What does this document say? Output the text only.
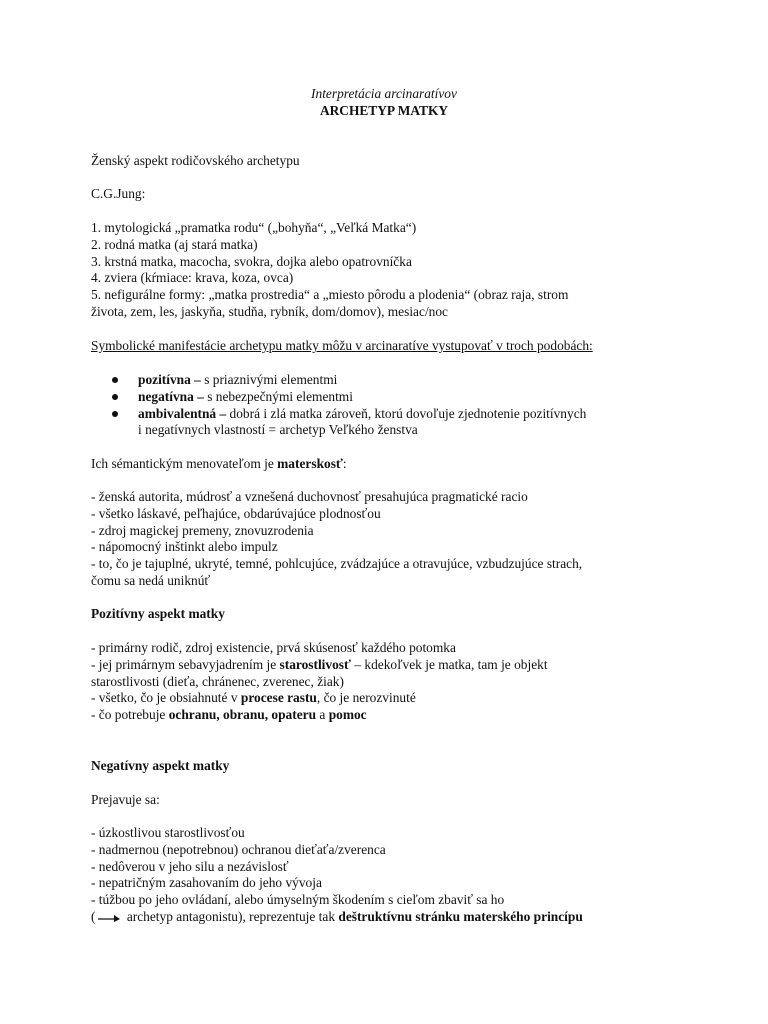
Interpretácia arcinaratívov
ARCHETYP MATKY
Ženský aspekt rodičovského archetypu
C.G.Jung:
1. mytologická „pramatka rodu“ („bohyňa“, „Veľká Matka“)
2. rodná matka (aj stará matka)
3. krstná matka, macocha, svokra, dojka alebo opatrovníčka
4. zviera (kŕmiace: krava, koza, ovca)
5. nefigurálne formy: „matka prostredia“ a „miesto pôrodu a plodenia“ (obraz raja, strom
života, zem, les, jaskyňa, studňa, rybník, dom/domov), mesiac/noc
Symbolické manifestácie archetypu matky môžu v arcinaratíve vystupovať v troch podobách:
pozitívna – s priaznivými elementmi
negatívna – s nebezpečnými elementmi
ambivalentná – dobrá i zlá matka zároveň, ktorú dovoľuje zjednotenie pozitívnych
i negatívnych vlastností = archetyp Veľkého ženstva
Ich sémantickým menovateľom je materskosť:
- ženská autorita, múdrosť a vznešená duchovnosť presahujúca pragmatické racio
- všetko láskavé, peľhajúce, obdarúvajúce plodnosťou
- zdroj magickej premeny, znovuzrodenia
- nápomocný inštinkt alebo impulz
- to, čo je tajuplné, ukryté, temné, pohlcujúce, zvádzajúce a otravujúce, vzbudzujúce strach,
čomu sa nedá uniknúť
Pozitívny aspekt matky
- primárny rodič, zdroj existencie, prvá skúsenosť každého potomka
- jej primárnym sebavyjadrením je starostlivosť – kdekoľvek je matka, tam je objekt
starostlivosti (dieťa, chránenec, zverenec, žiak)
- všetko, čo je obsiahnuté v procese rastu, čo je nerozvinuté
- čo potrebuje ochranu, obranu, opateru a pomoc
Negatívny aspekt matky
Prejavuje sa:
- úzkostlivou starostlivosťou
- nadmernou (nepotrebnou) ochranou dieťaťa/zverenca
- nedôverou v jeho silu a nezávislosť
- nepatričným zasahovaním do jeho vývoja
- túžbou po jeho ovládaní, alebo úmyselným škodením s cieľom zbaviť sa ho
( archetyp antagonistu), reprezentuje tak deštruktívnu stránku materského princípu
